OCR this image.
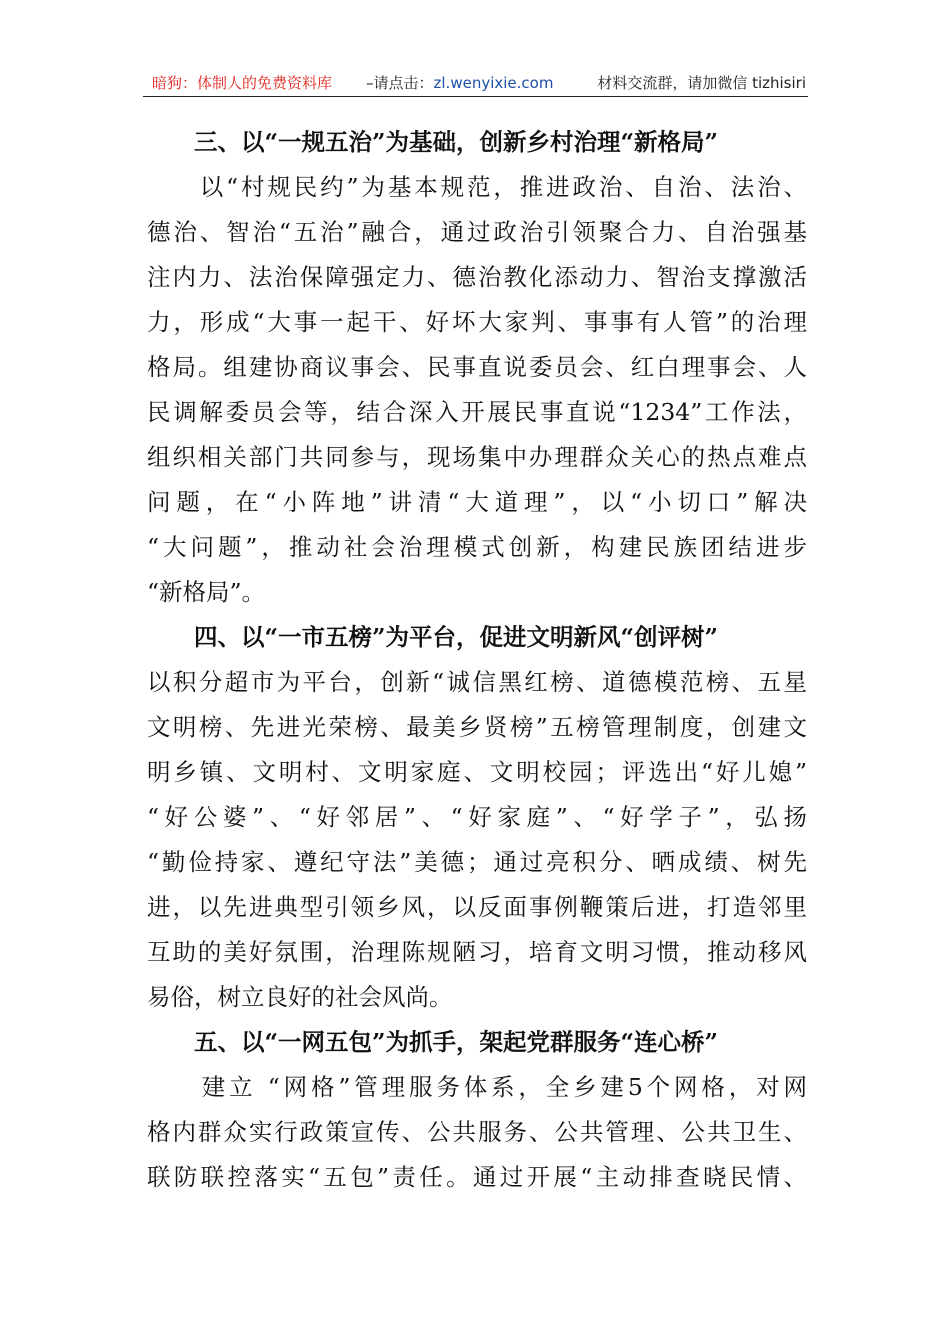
暗狗：体制人的免费资料库 –请点击：zl.wenyixie.com	材料交流群，请加微信 tizhisiri
　　三、以“一规五治”为基础，创新乡村治理“新格局”
　　以“村规民约”为基本规范，推进政治、自治、法治、
德治、智治“五治”融合，通过政治引领聚合力、自治强基
注内力、法治保障强定力、德治教化添动力、智治支撑激活
力，形成“大事一起干、好坏大家判、事事有人管”的治理
格局。组建协商议事会、民事直说委员会、红白理事会、人
民调解委员会等，结合深入开展民事直说“1234”工作法，
组织相关部门共同参与，现场集中办理群众关心的热点难点
问题，在“小阵地”讲清“大道理”，以“小切口”解决
“大问题”，推动社会治理模式创新，构建民族团结进步
“新格局”。
　　四、以“一市五榜”为平台，促进文明新风“创评树”
以积分超市为平台，创新“诚信黑红榜、道德模范榜、五星
文明榜、先进光荣榜、最美乡贤榜”五榜管理制度，创建文
明乡镇、文明村、文明家庭、文明校园；评选出“好儿媳”
“好公婆”、“好邻居”、“好家庭”、“好学子”，弘扬
“勤俭持家、遵纪守法”美德；通过亮积分、晒成绩、树先
进，以先进典型引领乡风，以反面事例鞭策后进，打造邻里
互助的美好氛围，治理陈规陋习，培育文明习惯，推动移风
易俗，树立良好的社会风尚。
　　五、以“一网五包”为抓手，架起党群服务“连心桥”
　　建立 “网格”管理服务体系，全乡建5个网格，对网
格内群众实行政策宣传、公共服务、公共管理、公共卫生、
联防联控落实“五包”责任。通过开展“主动排查晓民情、
